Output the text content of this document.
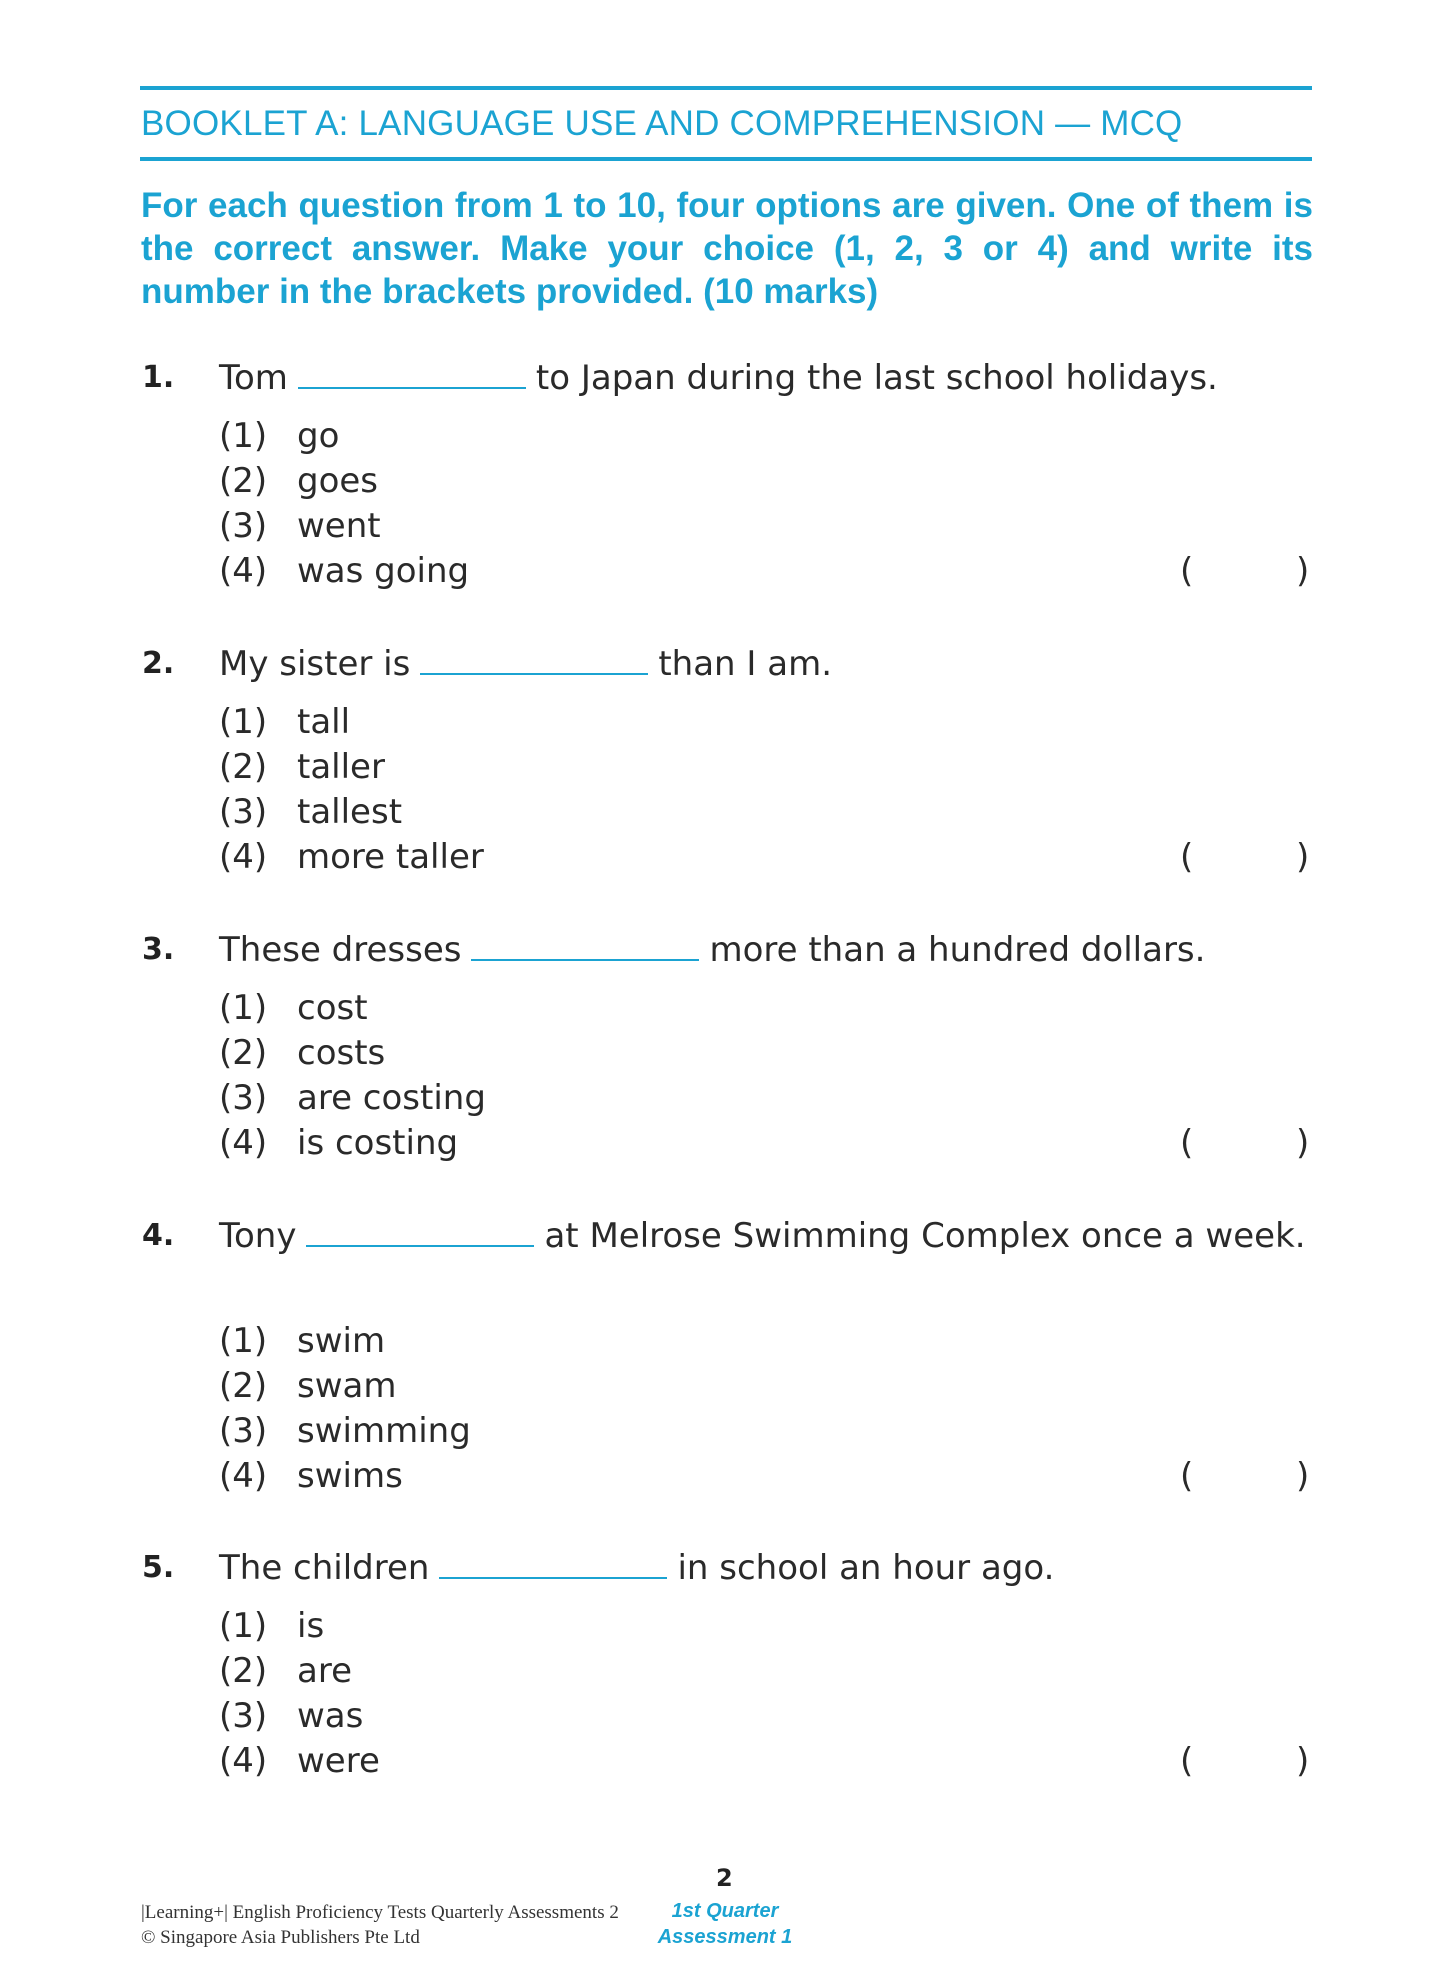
BOOKLET A: LANGUAGE USE AND COMPREHENSION — MCQ
For each question from 1 to 10, four options are given. One of them is the correct answer. Make your choice (1, 2, 3 or 4) and write its number in the brackets provided. (10 marks)
1. Tom	to Japan during the last school holidays.
(1) go
(2) goes
(3) went
(4) was going	(	)
2. My sister is	than I am.
(1) tall
(2) taller
(3) tallest
(4) more taller	(	)
3. These dresses	more than a hundred dollars.
(1) cost
(2) costs
(3) are costing
(4) is costing	(	)
4. Tony	at Melrose Swimming Complex once a week.
(1) swim
(2) swam
(3) swimming
(4) swims	(	)
5. The children	in school an hour ago.
(1) is
(2) are
(3) was
(4) were	(	)
2
|Learning+| English Proficiency Tests Quarterly Assessments 2
© Singapore Asia Publishers Pte Ltd
1st Quarter
Assessment 1
